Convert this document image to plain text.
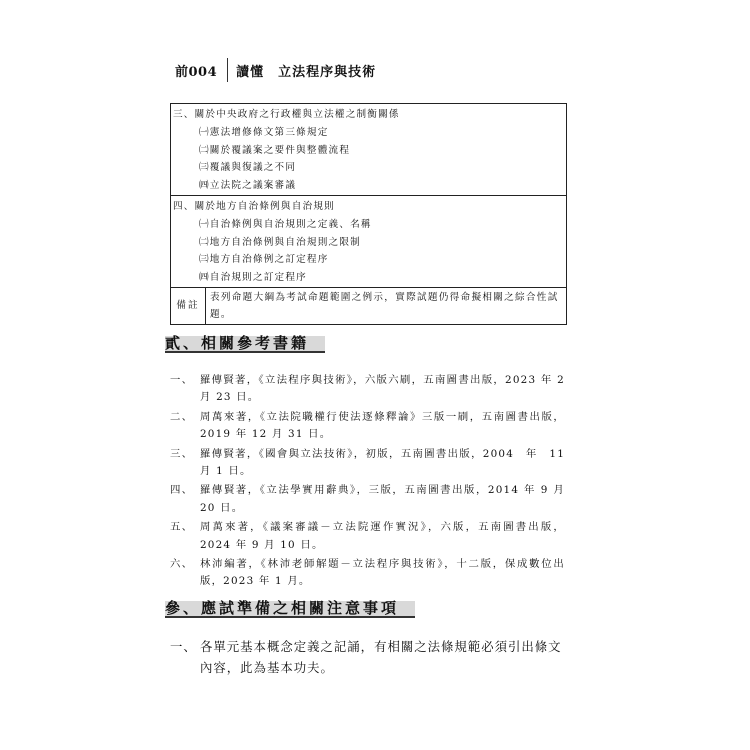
前004 讀懂　立法程序與技術
三、關於中央政府之行政權與立法權之制衡關係
㈠憲法增修條文第三條規定
㈡關於覆議案之要件與整體流程
㈢覆議與復議之不同
㈣立法院之議案審議
四、關於地方自治條例與自治規則
㈠自治條例與自治規則之定義、名稱
㈡地方自治條例與自治規則之限制
㈢地方自治條例之訂定程序
㈣自治規則之訂定程序
備註
表列命題大綱為考試命題範圍之例示，實際試題仍得命擬相關之綜合性試題。
貳、相關參考書籍
一、 羅傳賢著，《立法程序與技術》，六版六刷，五南圖書出版，2023 年 2 月 23 日。
二、 周萬來著，《立法院職權行使法逐條釋論》三版一刷，五南圖書出版，2019 年 12 月 31 日。
三、 羅傳賢著，《國會與立法技術》，初版，五南圖書出版，2004　年　11 月 1 日。
四、 羅傳賢著，《立法學實用辭典》，三版，五南圖書出版，2014 年 9 月 20 日。
五、 周萬來著，《議案審議－立法院運作實況》，六版，五南圖書出版，2024 年 9 月 10 日。
六、 林沛編著，《林沛老師解題－立法程序與技術》，十二版，保成數位出版，2023 年 1 月。
參、應試準備之相關注意事項
一、 各單元基本概念定義之記誦，有相關之法條規範必須引出條文內容，此為基本功夫。
